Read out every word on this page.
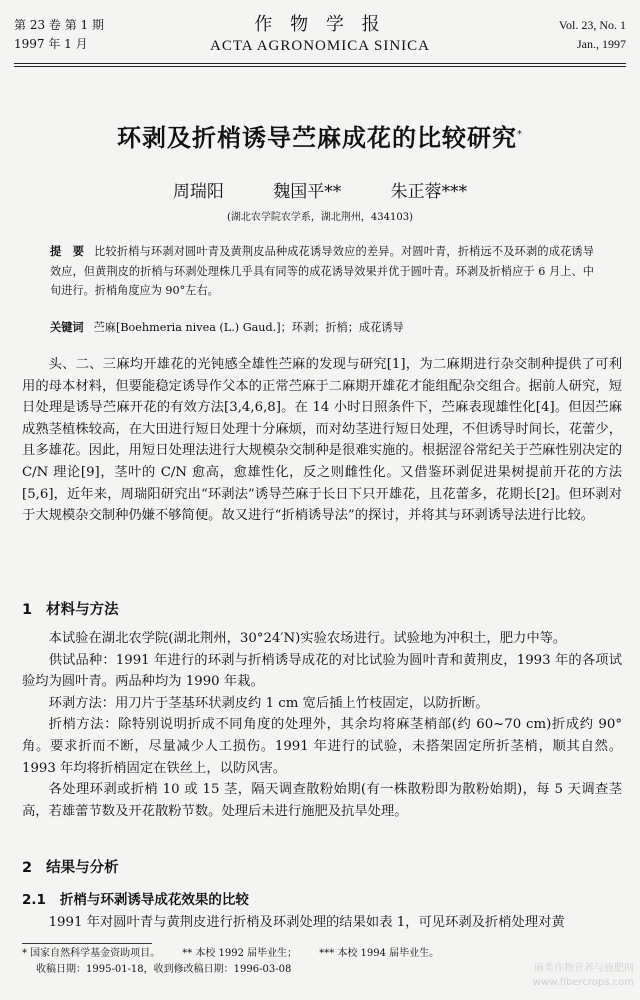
第 23 卷 第 1 期
1997 年 1 月
作 物 学 报
ACTA AGRONOMICA SINICA
Vol. 23, No. 1
Jan., 1997
环剥及折梢诱导苎麻成花的比较研究*
周瑞阳	魏国平**	朱正蓉***
(湖北农学院农学系，湖北荆州，434103)
提　要 比较折梢与环剥对圆叶青及黄荆皮品种成花诱导效应的差异。对圆叶青，折梢远不及环剥的成花诱导效应，但黄荆皮的折梢与环剥处理株几乎具有同等的成花诱导效果并优于圆叶青。环剥及折梢应于 6 月上、中旬进行。折梢角度应为 90°左右。
关键词 苎麻[Boehmeria nivea (L.) Gaud.]；环剥；折梢；成花诱导

头、二、三麻均开雄花的光钝感全雄性苎麻的发现与研究[1]，为二麻期进行杂交制种提供了可利用的母本材料，但要能稳定诱导作父本的正常苎麻于二麻期开雄花才能组配杂交组合。据前人研究，短日处理是诱导苎麻开花的有效方法[3,4,6,8]。在 14 小时日照条件下，苎麻表现雄性化[4]。但因苎麻成熟茎植株较高，在大田进行短日处理十分麻烦，而对幼茎进行短日处理，不但诱导时间长，花蕾少，且多雄花。因此，用短日处理法进行大规模杂交制种是很难实施的。根据涩谷常纪关于苎麻性别决定的 C/N 理论[9]，茎叶的 C/N 愈高，愈雄性化，反之则雌性化。又借鉴环剥促进果树提前开花的方法[5,6]，近年来，周瑞阳研究出“环剥法”诱导苎麻于长日下只开雄花，且花蕾多，花期长[2]。但环剥对于大规模杂交制种仍嫌不够简便。故又进行“折梢诱导法”的探讨，并将其与环剥诱导法进行比较。

1 材料与方法

本试验在湖北农学院(湖北荆州，30°24′N)实验农场进行。试验地为冲积土，肥力中等。

供试品种：1991 年进行的环剥与折梢诱导成花的对比试验为圆叶青和黄荆皮，1993 年的各项试验均为圆叶青。两品种均为 1990 年栽。

环剥方法：用刀片于茎基环状剥皮约 1 cm 宽后插上竹枝固定，以防折断。

折梢方法：除特别说明折成不同角度的处理外，其余均将麻茎梢部(约 60~70 cm)折成约 90°角。要求折而不断，尽量减少人工损伤。1991 年进行的试验，未搭架固定所折茎梢，顺其自然。1993 年均将折梢固定在铁丝上，以防风害。

各处理环剥或折梢 10 或 15 茎，隔天调查散粉始期(有一株散粉即为散粉始期)，每 5 天调查茎高，若雄蕾节数及开花散粉节数。处理后未进行施肥及抗旱处理。

2 结果与分析
2.1 折梢与环剥诱导成花效果的比较

1991 年对圆叶青与黄荆皮进行折梢及环剥处理的结果如表 1，可见环剥及折梢处理对黄

* 国家自然科学基金资助项目。 ** 本校 1992 届毕业生； *** 本校 1994 届毕业生。
收稿日期：1995-01-18，收到修改稿日期：1996-03-08	麻类作物营养与施肥网
www.fibercrops.com
